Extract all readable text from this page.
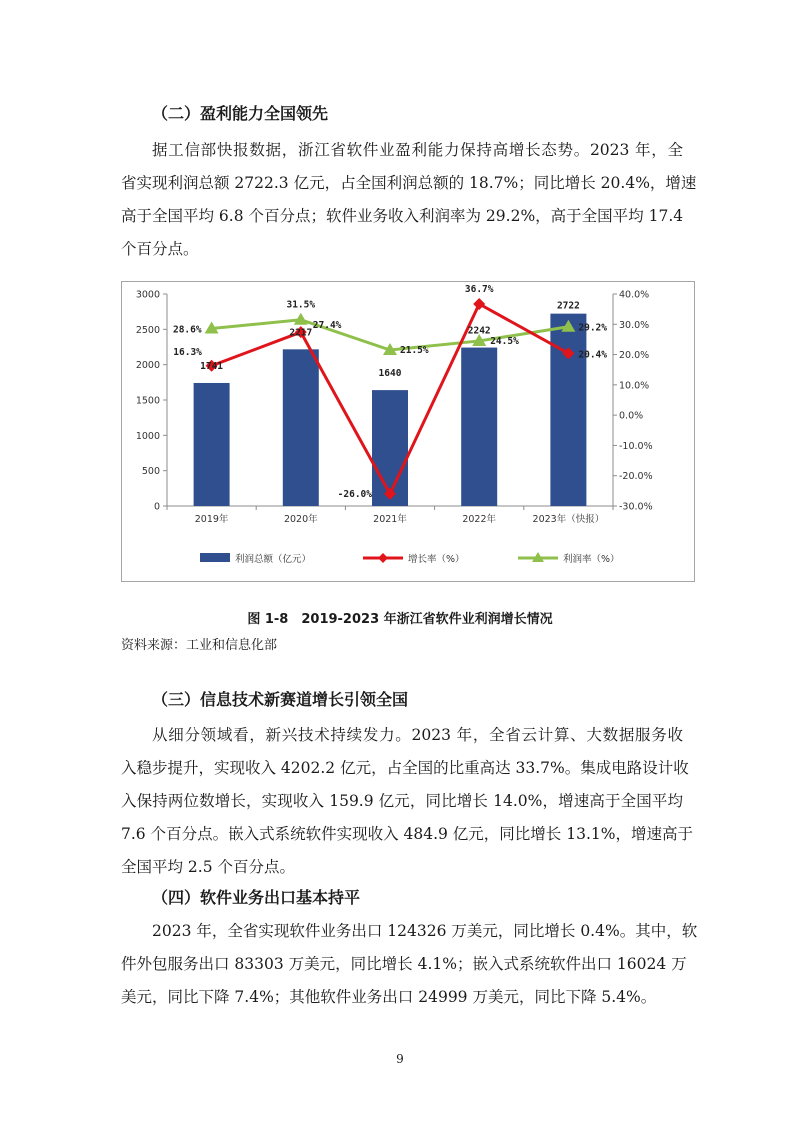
（二）盈利能力全国领先
据工信部快报数据，浙江省软件业盈利能力保持高增长态势。2023 年，全
省实现利润总额 2722.3 亿元，占全国利润总额的 18.7%；同比增长 20.4%，增速
高于全国平均 6.8 个百分点；软件业务收入利润率为 29.2%，高于全国平均 17.4
个百分点。
0
500
1000
1500
2000
2500
3000
-30.0%
-20.0%
-10.0%
0.0%
10.0%
20.0%
30.0%
40.0%
2019年	2020年	2021年	2022年	2023年（快报）
1741
2217
1640
2242
2722
16.3%
27.4%
-26.0%
36.7%
20.4%
28.6%
31.5%
21.5%
24.5%
29.2%
利润总额（亿元）	增长率（%）	利润率（%）
图 1-8　2019-2023 年浙江省软件业利润增长情况
资料来源：工业和信息化部
（三）信息技术新赛道增长引领全国
从细分领域看，新兴技术持续发力。2023 年，全省云计算、大数据服务收
入稳步提升，实现收入 4202.2 亿元，占全国的比重高达 33.7%。集成电路设计收
入保持两位数增长，实现收入 159.9 亿元，同比增长 14.0%，增速高于全国平均
7.6 个百分点。嵌入式系统软件实现收入 484.9 亿元，同比增长 13.1%，增速高于
全国平均 2.5 个百分点。
（四）软件业务出口基本持平
2023 年，全省实现软件业务出口 124326 万美元，同比增长 0.4%。其中，软
件外包服务出口 83303 万美元，同比增长 4.1%；嵌入式系统软件出口 16024 万
美元，同比下降 7.4%；其他软件业务出口 24999 万美元，同比下降 5.4%。
9
